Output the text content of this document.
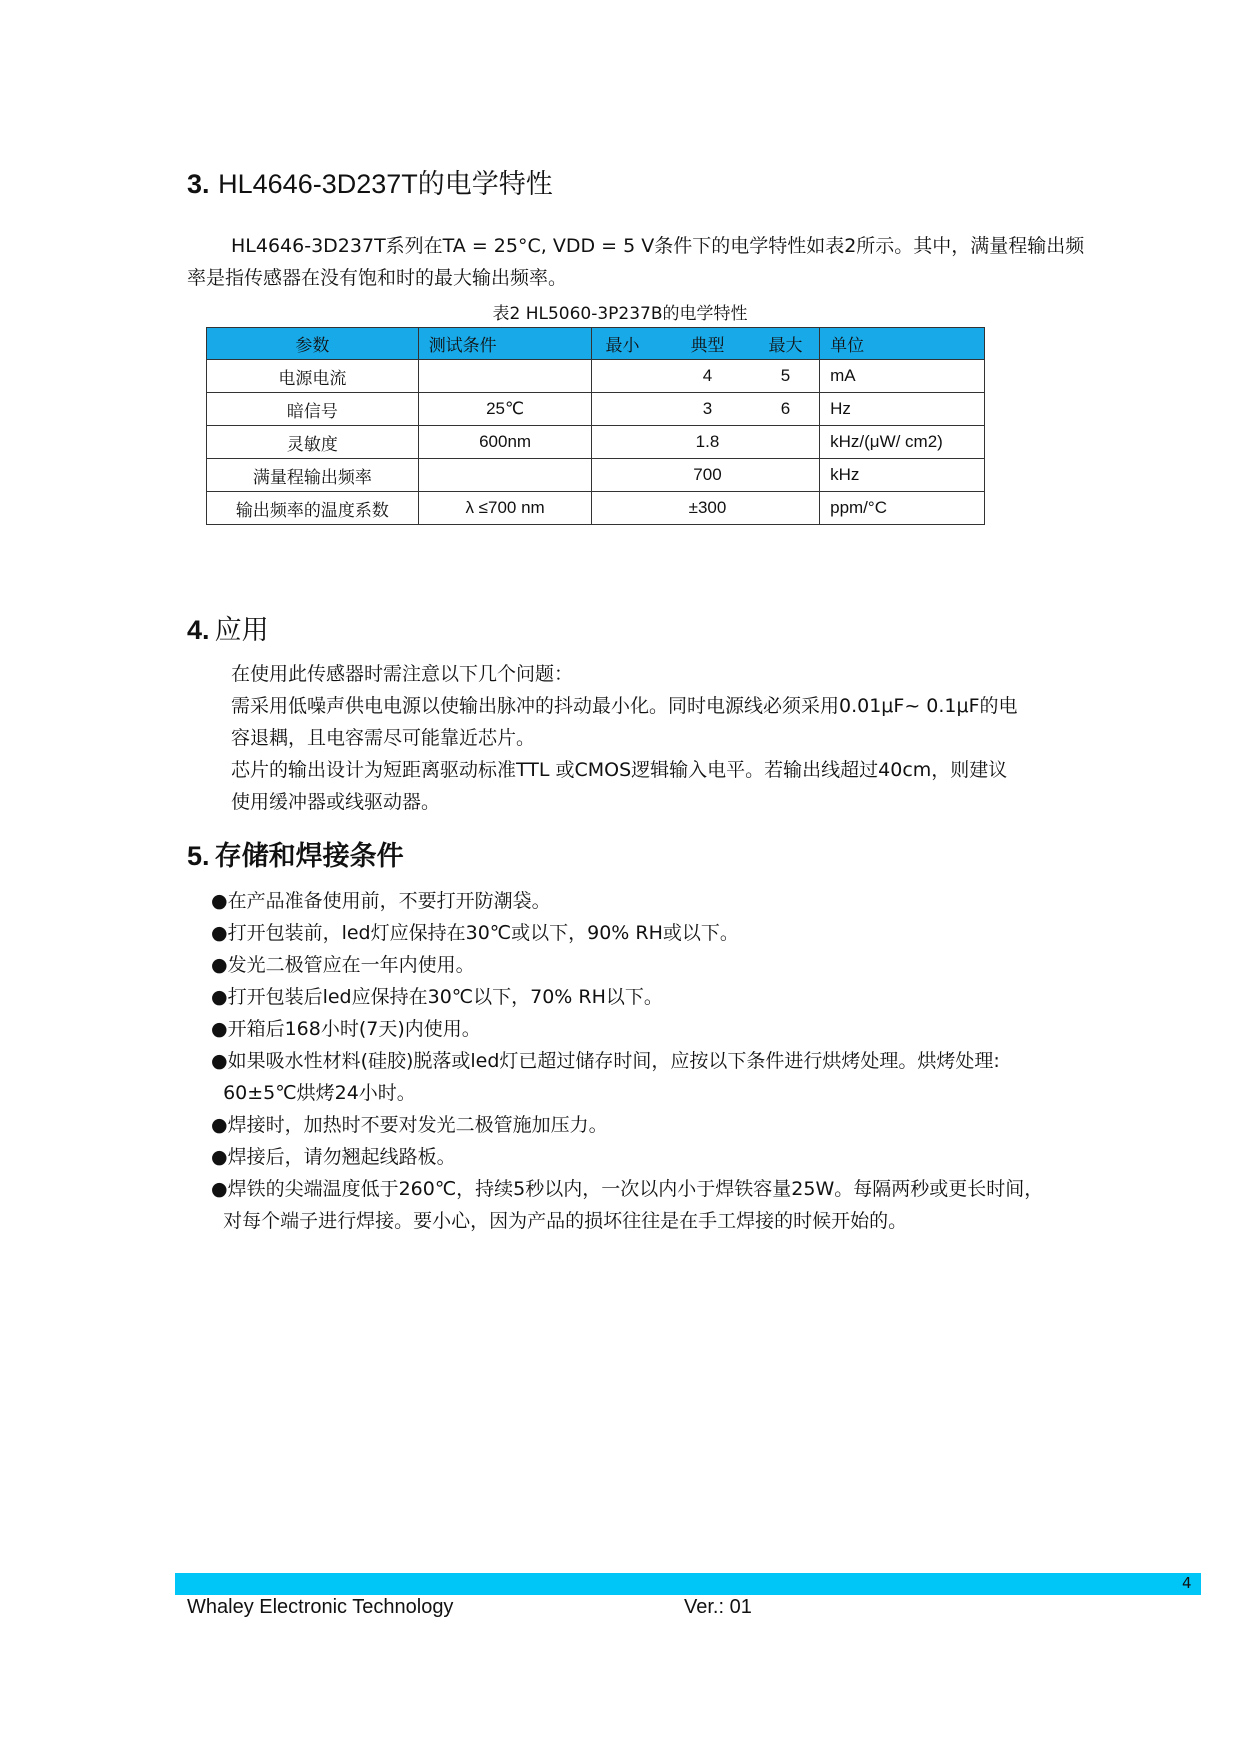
3. HL4646-3D237T的电学特性
HL4646-3D237T系列在TA = 25°C, VDD = 5 V条件下的电学特性如表2所示。其中，满量程输出频
率是指传感器在没有饱和时的最大输出频率。
表2 HL5060-3P237B的电学特性
参数	测试条件	最小 典型 最大	单位
电源电流		4 5	mA
暗信号	25℃	3 6	Hz
灵敏度	600nm	1.8	kHz/(μW/ cm2)
满量程输出频率		700	kHz
输出频率的温度系数	λ ≤700 nm	±300	ppm/°C
4. 应用
在使用此传感器时需注意以下几个问题：
需采用低噪声供电电源以使输出脉冲的抖动最小化。同时电源线必须采用0.01μF~ 0.1μF的电
容退耦，且电容需尽可能靠近芯片。
芯片的输出设计为短距离驱动标准TTL 或CMOS逻辑输入电平。若输出线超过40cm，则建议
使用缓冲器或线驱动器。
5. 存储和焊接条件
●在产品准备使用前，不要打开防潮袋。
●打开包装前，led灯应保持在30℃或以下，90% RH或以下。
●发光二极管应在一年内使用。
●打开包装后led应保持在30℃以下，70% RH以下。
●开箱后168小时(7天)内使用。
●如果吸水性材料(硅胶)脱落或led灯已超过储存时间，应按以下条件进行烘烤处理。烘烤处理:
60±5℃烘烤24小时。
●焊接时，加热时不要对发光二极管施加压力。
●焊接后，请勿翘起线路板。
●焊铁的尖端温度低于260℃，持续5秒以内，一次以内小于焊铁容量25W。每隔两秒或更长时间，
对每个端子进行焊接。要小心，因为产品的损坏往往是在手工焊接的时候开始的。
4
Whaley Electronic Technology	Ver.: 01
